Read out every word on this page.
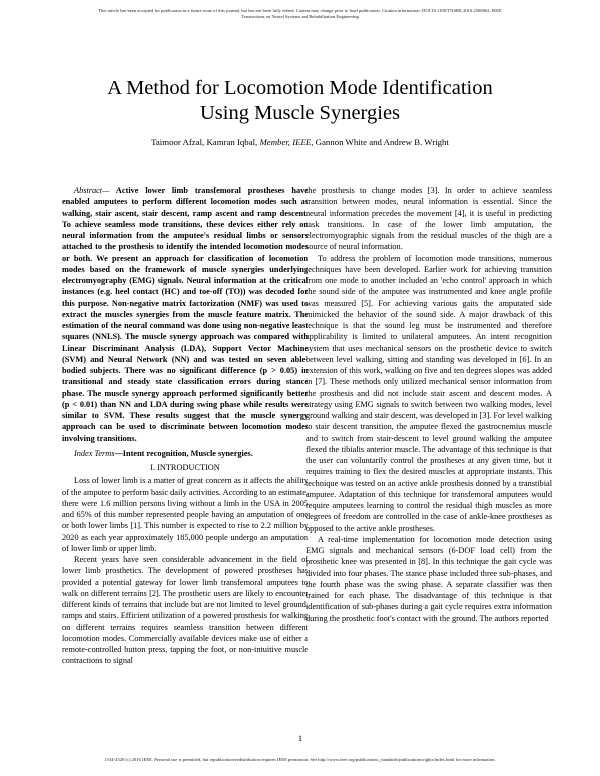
This article has been accepted for publication in a future issue of this journal, but has not been fully edited. Content may change prior to final publication. Citation information: DOI 10.1109/TNSRE.2016.2560962, IEEE
Transactions on Neural Systems and Rehabilitation Engineering
A Method for Locomotion Mode Identification
Using Muscle Synergies
Taimoor Afzal, Kamran Iqbal, Member, IEEE, Gannon White and Andrew B. Wright

Abstract— Active lower limb transfemoral prostheses have enabled amputees to perform different locomotion modes such as walking, stair ascent, stair descent, ramp ascent and ramp descent. To achieve seamless mode transitions, these devices either rely on neural information from the amputee's residual limbs or sensors attached to the prosthesis to identify the intended locomotion modes or both. We present an approach for classification of locomotion modes based on the framework of muscle synergies underlying electromyography (EMG) signals. Neural information at the critical instances (e.g. heel contact (HC) and toe-off (TO)) was decoded for this purpose. Non-negative matrix factorization (NMF) was used to extract the muscles synergies from the muscle feature matrix. The estimation of the neural command was done using non-negative least squares (NNLS). The muscle synergy approach was compared with Linear Discriminant Analysis (LDA), Support Vector Machine (SVM) and Neural Network (NN) and was tested on seven able-bodied subjects. There was no significant difference (p > 0.05) in transitional and steady state classification errors during stance phase. The muscle synergy approach performed significantly better (p < 0.01) than NN and LDA during swing phase while results were similar to SVM. These results suggest that the muscle synergy approach can be used to discriminate between locomotion modes involving transitions.

Index Terms—Intent recognition, Muscle synergies.

I. INTRODUCTION

Loss of lower limb is a matter of great concern as it affects the ability of the amputee to perform basic daily activities. According to an estimate, there were 1.6 million persons living without a limb in the USA in 2005 and 65% of this number represented people having an amputation of one or both lower limbs [1]. This number is expected to rise to 2.2 million by 2020 as each year approximately 185,000 people undergo an amputation of lower limb or upper limb.

Recent years have seen considerable advancement in the field of lower limb prosthetics. The development of powered prostheses has provided a potential gateway for lower limb transfemoral amputees to walk on different terrains [2]. The prosthetic users are likely to encounter different kinds of terrains that include but are not limited to level ground, ramps and stairs. Efficient utilization of a powered prosthesis for walking on different terrains requires seamless transition between different locomotion modes. Commercially available devices make use of either a remote-controlled button press, tapping the foot, or non-intuitive muscle contractions to signal

the prosthesis to change modes [3]. In order to achieve seamless transition between modes, neural information is essential. Since the neural information precedes the movement [4], it is useful in predicting task transitions. In case of the lower limb amputation, the electromyographic signals from the residual muscles of the thigh are a source of neural information.

To address the problem of locomotion mode transitions, numerous techniques have been developed. Earlier work for achieving transition from one mode to another included an 'echo control' approach in which the sound side of the amputee was instrumented and knee angle profile was measured [5]. For achieving various gaits the amputated side mimicked the behavior of the sound side. A major drawback of this technique is that the sound leg must be instrumented and therefore applicability is limited to unilateral amputees. An intent recognition system that uses mechanical sensors on the prosthetic device to switch between level walking, sitting and standing was developed in [6]. In an extension of this work, walking on five and ten degrees slopes was added in [7]. These methods only utilized mechanical sensor information from the prosthesis and did not include stair ascent and descent modes. A strategy using EMG signals to switch between two walking modes, level ground walking and stair descent, was developed in [3]. For level walking to stair descent transition, the amputee flexed the gastrocnemius muscle and to switch from stair-descent to level ground walking the amputee flexed the tibialis anterior muscle. The advantage of this technique is that the user can voluntarily control the prostheses at any given time, but it requires training to flex the desired muscles at appropriate instants. This technique was tested on an active ankle prosthesis donned by a transtibial amputee. Adaptation of this technique for transfemoral amputees would require amputees learning to control the residual thigh muscles as more degrees of freedom are controlled in the case of ankle-knee prostheses as opposed to the active ankle prostheses.

A real-time implementation for locomotion mode detection using EMG signals and mechanical sensors (6-DOF load cell) from the prosthetic knee was presented in [8]. In this technique the gait cycle was divided into four phases. The stance phase included three sub-phases, and the fourth phase was the swing phase. A separate classifier was then trained for each phase. The disadvantage of this technique is that identification of sub-phases during a gait cycle requires extra information during the prosthetic foot's contact with the ground. The authors reported

1
1534-4320 (c) 2016 IEEE. Personal use is permitted, but republication/redistribution requires IEEE permission. See http://www.ieee.org/publications_standards/publications/rights/index.html for more information.
